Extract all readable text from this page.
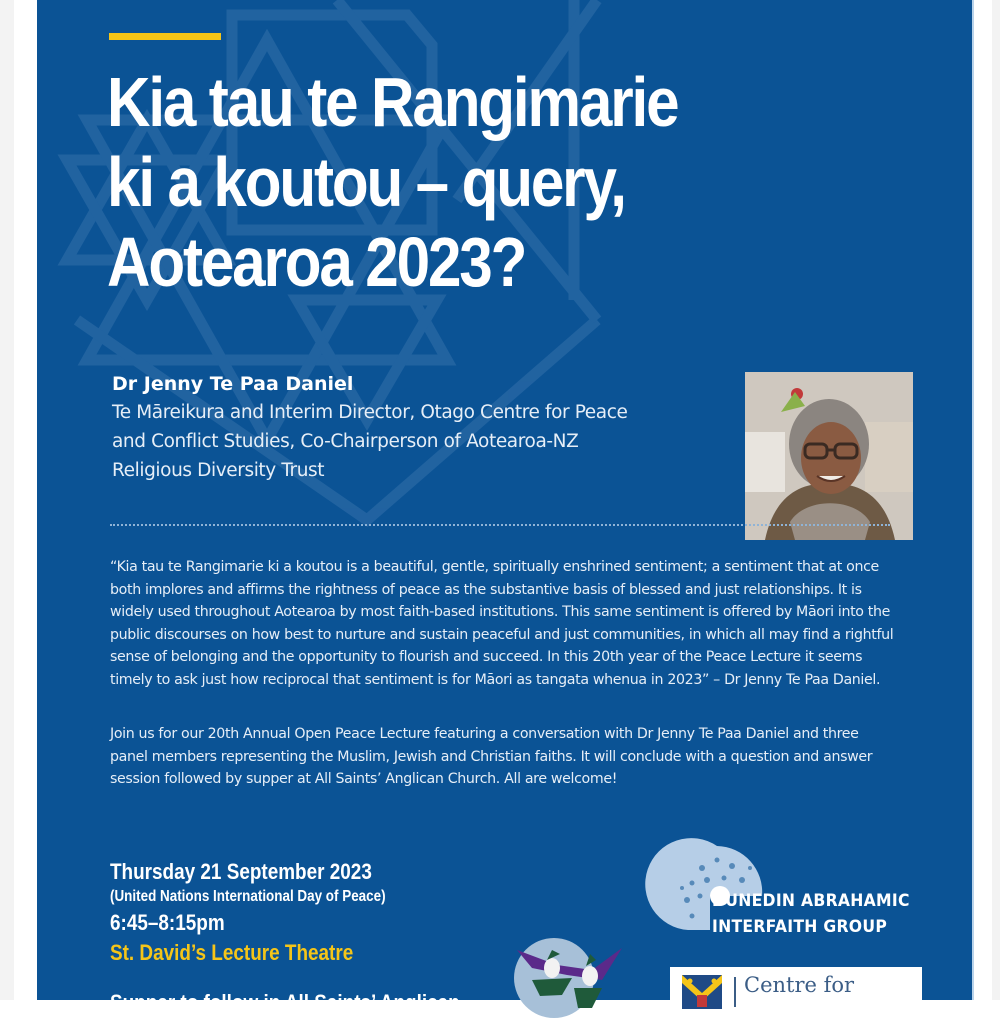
Kia tau te Rangimarie
ki a koutou – query,
Aotearoa 2023?
Dr Jenny Te Paa Daniel
Te Māreikura and Interim Director, Otago Centre for Peace
and Conflict Studies, Co-Chairperson of Aotearoa-NZ
Religious Diversity Trust

“Kia tau te Rangimarie ki a koutou is a beautiful, gentle, spiritually enshrined sentiment; a sentiment that at once both implores and affirms the rightness of peace as the substantive basis of blessed and just relationships. It is widely used throughout Aotearoa by most faith-based institutions. This same sentiment is offered by Māori into the public discourses on how best to nurture and sustain peaceful and just communities, in which all may find a rightful sense of belonging and the opportunity to flourish and succeed. In this 20th year of the Peace Lecture it seems timely to ask just how reciprocal that sentiment is for Māori as tangata whenua in 2023” – Dr Jenny Te Paa Daniel.

Join us for our 20th Annual Open Peace Lecture featuring a conversation with Dr Jenny Te Paa Daniel and three panel members representing the Muslim, Jewish and Christian faiths. It will conclude with a question and answer session followed by supper at All Saints’ Anglican Church. All are welcome!

Thursday 21 September 2023
(United Nations International Day of Peace)
6:45–8:15pm
St. David’s Lecture Theatre
Supper to follow in All Saints’ Anglican
DUNEDIN ABRAHAMIC
INTERFAITH GROUP
Centre for
